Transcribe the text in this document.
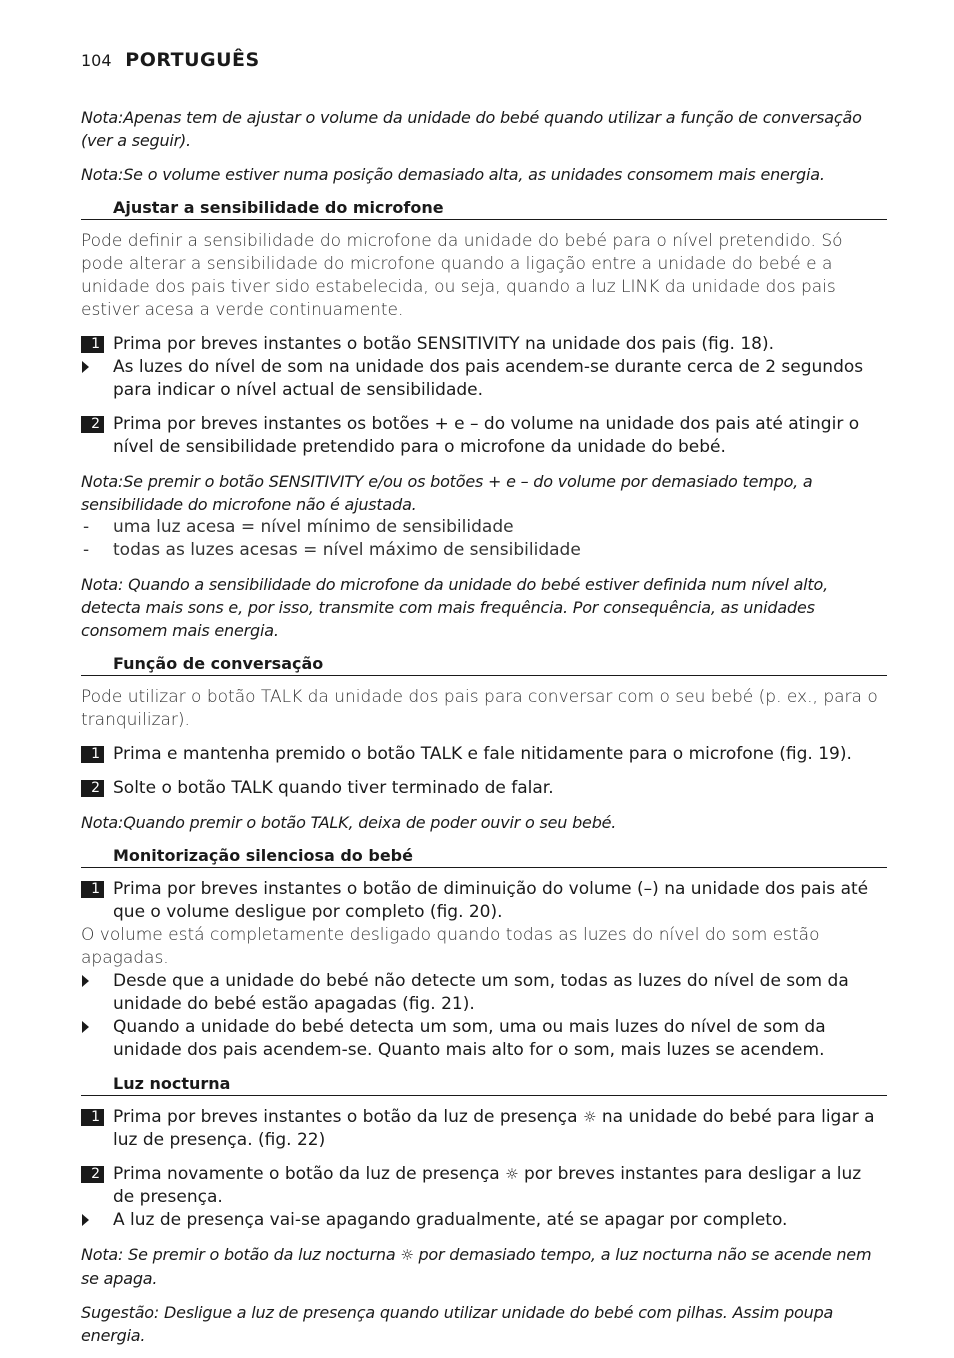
104 PORTUGUÊS

Nota:Apenas tem de ajustar o volume da unidade do bebé quando utilizar a função de conversação (ver a seguir).

Nota:Se o volume estiver numa posição demasiado alta, as unidades consomem mais energia.

Ajustar a sensibilidade do microfone

Pode definir a sensibilidade do microfone da unidade do bebé para o nível pretendido. Só pode alterar a sensibilidade do microfone quando a ligação entre a unidade do bebé e a unidade dos pais tiver sido estabelecida, ou seja, quando a luz LINK da unidade dos pais estiver acesa a verde continuamente.

1 Prima por breves instantes o botão SENSITIVITY na unidade dos pais (fig. 18).
As luzes do nível de som na unidade dos pais acendem-se durante cerca de 2 segundos para indicar o nível actual de sensibilidade.
2 Prima por breves instantes os botões + e – do volume na unidade dos pais até atingir o nível de sensibilidade pretendido para o microfone da unidade do bebé.

Nota:Se premir o botão SENSITIVITY e/ou os botões + e – do volume por demasiado tempo, a sensibilidade do microfone não é ajustada.

- uma luz acesa = nível mínimo de sensibilidade
- todas as luzes acesas = nível máximo de sensibilidade

Nota: Quando a sensibilidade do microfone da unidade do bebé estiver definida num nível alto, detecta mais sons e, por isso, transmite com mais frequência. Por consequência, as unidades consomem mais energia.

Função de conversação

Pode utilizar o botão TALK da unidade dos pais para conversar com o seu bebé (p. ex., para o tranquilizar).

1 Prima e mantenha premido o botão TALK e fale nitidamente para o microfone (fig. 19).
2 Solte o botão TALK quando tiver terminado de falar.

Nota:Quando premir o botão TALK, deixa de poder ouvir o seu bebé.

Monitorização silenciosa do bebé
1 Prima por breves instantes o botão de diminuição do volume (–) na unidade dos pais até que o volume desligue por completo (fig. 20).

O volume está completamente desligado quando todas as luzes do nível do som estão apagadas.

Desde que a unidade do bebé não detecte um som, todas as luzes do nível de som da unidade do bebé estão apagadas (fig. 21).
Quando a unidade do bebé detecta um som, uma ou mais luzes do nível de som da unidade dos pais acendem-se. Quanto mais alto for o som, mais luzes se acendem.
Luz nocturna
1 Prima por breves instantes o botão da luz de presença ☼ na unidade do bebé para ligar a luz de presença. (fig. 22)
2 Prima novamente o botão da luz de presença ☼ por breves instantes para desligar a luz de presença.
A luz de presença vai-se apagando gradualmente, até se apagar por completo.

Nota: Se premir o botão da luz nocturna ☼ por demasiado tempo, a luz nocturna não se acende nem se apaga.

Sugestão: Desligue a luz de presença quando utilizar unidade do bebé com pilhas. Assim poupa energia.
